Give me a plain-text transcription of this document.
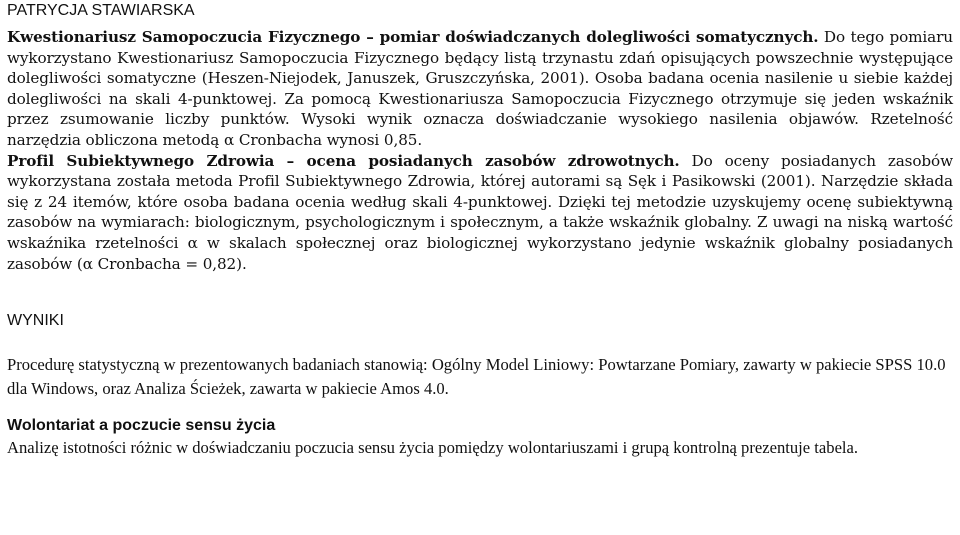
PATRYCJA STAWIARSKA

Kwestionariusz Samopoczucia Fizycznego – pomiar doświadczanych dolegliwości somatycznych. Do tego pomiaru wykorzystano Kwestionariusz Samopoczucia Fizycznego będący listą trzynastu zdań opisujących powszechnie występujące dolegliwości somatyczne (Heszen-Niejodek, Januszek, Gruszczyńska, 2001). Osoba badana ocenia nasilenie u siebie każdej dolegliwości na skali 4-punktowej. Za pomocą Kwestionariusza Samopoczucia Fizycznego otrzymuje się jeden wskaźnik przez zsumowanie liczby punktów. Wysoki wynik oznacza doświadczanie wysokiego nasilenia objawów. Rzetelność narzędzia obliczona metodą α Cronbacha wynosi 0,85.

Profil Subiektywnego Zdrowia – ocena posiadanych zasobów zdrowotnych. Do oceny posiadanych zasobów wykorzystana została metoda Profil Subiektywnego Zdrowia, której autorami są Sęk i Pasikowski (2001). Narzędzie składa się z 24 itemów, które osoba badana ocenia według skali 4-punktowej. Dzięki tej metodzie uzyskujemy ocenę subiektywną zasobów na wymiarach: biologicznym, psychologicznym i społecznym, a także wskaźnik globalny. Z uwagi na niską wartość wskaźnika rzetelności α w skalach społecznej oraz biologicznej wykorzystano jedynie wskaźnik globalny posiadanych zasobów (α Cronbacha = 0,82).

WYNIKI

Procedurę statystyczną w prezentowanych badaniach stanowią: Ogólny Model Liniowy: Powtarzane Pomiary, zawarty w pakiecie SPSS 10.0 dla Windows, oraz Analiza Ścieżek, zawarta w pakiecie Amos 4.0.

Wolontariat a poczucie sensu życia

Analizę istotności różnic w doświadczaniu poczucia sensu życia pomiędzy wolontariuszami i grupą kontrolną prezentuje tabela.
